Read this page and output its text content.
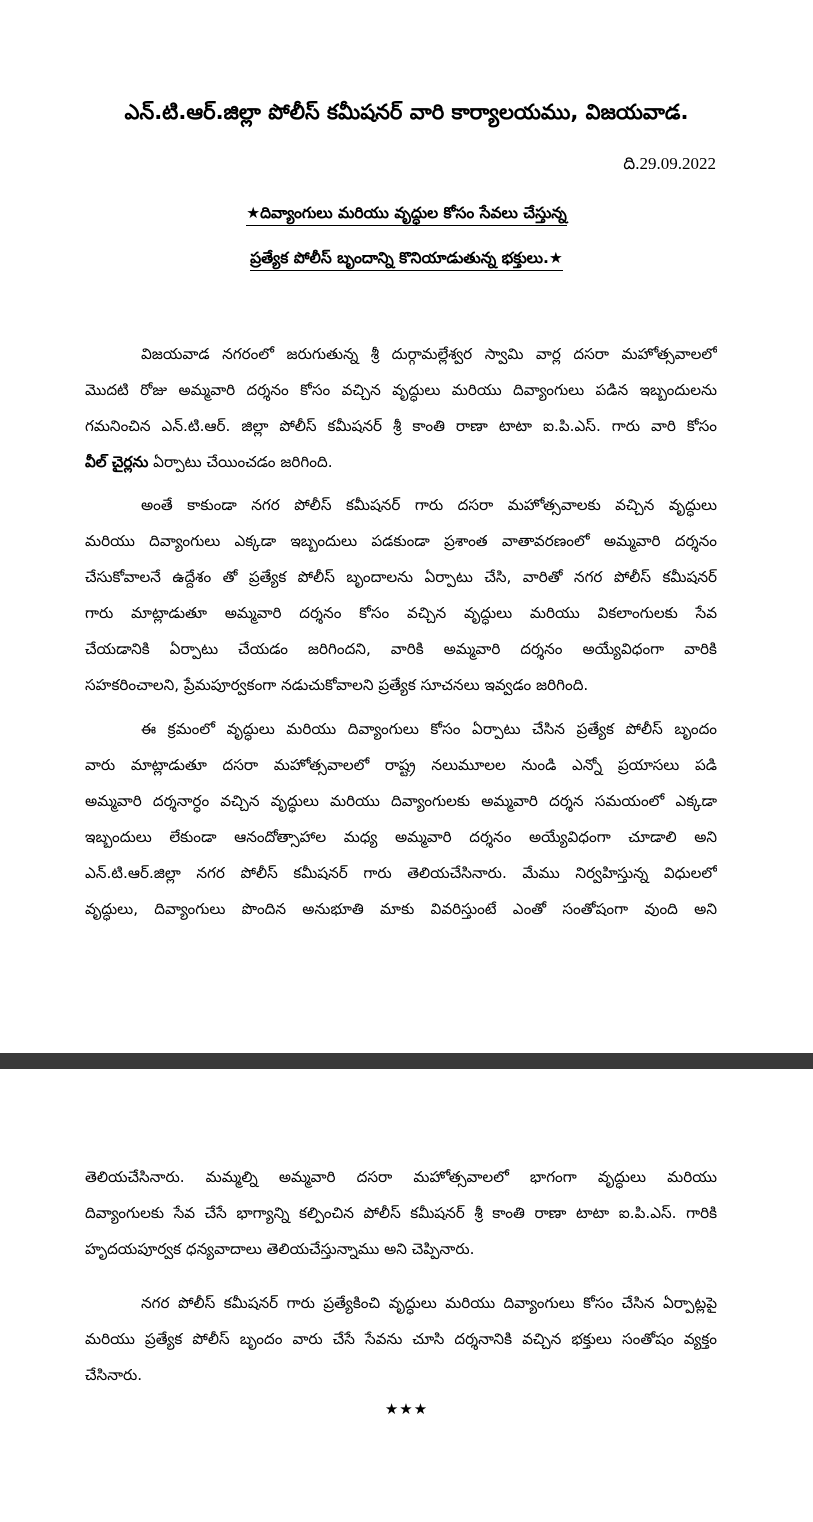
ఎన్.టి.ఆర్.జిల్లా పోలీస్ కమీషనర్ వారి కార్యాలయము, విజయవాడ.
ది.29.09.2022
★దివ్యాంగులు మరియు వృద్ధుల కోసం సేవలు చేస్తున్న
ప్రత్యేక పోలీస్ బృందాన్ని కొనియాడుతున్న భక్తులు.★
విజయవాడ నగరంలో జరుగుతున్న శ్రీ దుర్గామల్లేశ్వర స్వామి వార్ల దసరా మహోత్సవాలలో
మొదటి రోజు అమ్మవారి దర్శనం కోసం వచ్చిన వృద్ధులు మరియు దివ్యాంగులు పడిన ఇబ్బందులను
గమనించిన ఎన్.టి.ఆర్. జిల్లా పోలీస్ కమీషనర్ శ్రీ కాంతి రాణా టాటా ఐ.పి.ఎస్. గారు వారి కోసం
వీల్ చైర్లను ఏర్పాటు చేయించడం జరిగింది.
అంతే కాకుండా నగర పోలీస్ కమీషనర్ గారు దసరా మహోత్సవాలకు వచ్చిన వృద్ధులు
మరియు దివ్యాంగులు ఎక్కడా ఇబ్బందులు పడకుండా ప్రశాంత వాతావరణంలో అమ్మవారి దర్శనం
చేసుకోవాలనే ఉద్దేశం తో ప్రత్యేక పోలీస్ బృందాలను ఏర్పాటు చేసి, వారితో నగర పోలీస్ కమీషనర్
గారు మాట్లాడుతూ అమ్మవారి దర్శనం కోసం వచ్చిన వృద్ధులు మరియు వికలాంగులకు సేవ
చేయడానికి ఏర్పాటు చేయడం జరిగిందని, వారికి అమ్మవారి దర్శనం అయ్యేవిధంగా వారికి
సహకరించాలని, ప్రేమపూర్వకంగా నడుచుకోవాలని ప్రత్యేక సూచనలు ఇవ్వడం జరిగింది.
ఈ క్రమంలో వృద్ధులు మరియు దివ్యాంగులు కోసం ఏర్పాటు చేసిన ప్రత్యేక పోలీస్ బృందం
వారు మాట్లాడుతూ దసరా మహోత్సవాలలో రాష్ట్ర నలుమూలల నుండి ఎన్నో ప్రయాసలు పడి
అమ్మవారి దర్శనార్ధం వచ్చిన వృద్ధులు మరియు దివ్యాంగులకు అమ్మవారి దర్శన సమయంలో ఎక్కడా
ఇబ్బందులు లేకుండా ఆనందోత్సాహాల మధ్య అమ్మవారి దర్శనం అయ్యేవిధంగా చూడాలి అని
ఎన్.టి.ఆర్.జిల్లా నగర పోలీస్ కమీషనర్ గారు తెలియచేసినారు. మేము నిర్వహిస్తున్న విధులలో
వృద్ధులు, దివ్యాంగులు పొందిన అనుభూతి మాకు వివరిస్తుంటే ఎంతో సంతోషంగా వుంది అని
తెలియచేసినారు. మమ్మల్ని అమ్మవారి దసరా మహోత్సవాలలో భాగంగా వృద్ధులు మరియు
దివ్యాంగులకు సేవ చేసే భాగ్యాన్ని కల్పించిన పోలీస్ కమీషనర్ శ్రీ కాంతి రాణా టాటా ఐ.పి.ఎస్. గారికి
హృదయపూర్వక ధన్యవాదాలు తెలియచేస్తున్నాము అని చెప్పినారు.
నగర పోలీస్ కమీషనర్ గారు ప్రత్యేకించి వృద్ధులు మరియు దివ్యాంగులు కోసం చేసిన ఏర్పాట్లపై
మరియు ప్రత్యేక పోలీస్ బృందం వారు చేసే సేవను చూసి దర్శనానికి వచ్చిన భక్తులు సంతోషం వ్యక్తం
చేసినారు.
★★★
